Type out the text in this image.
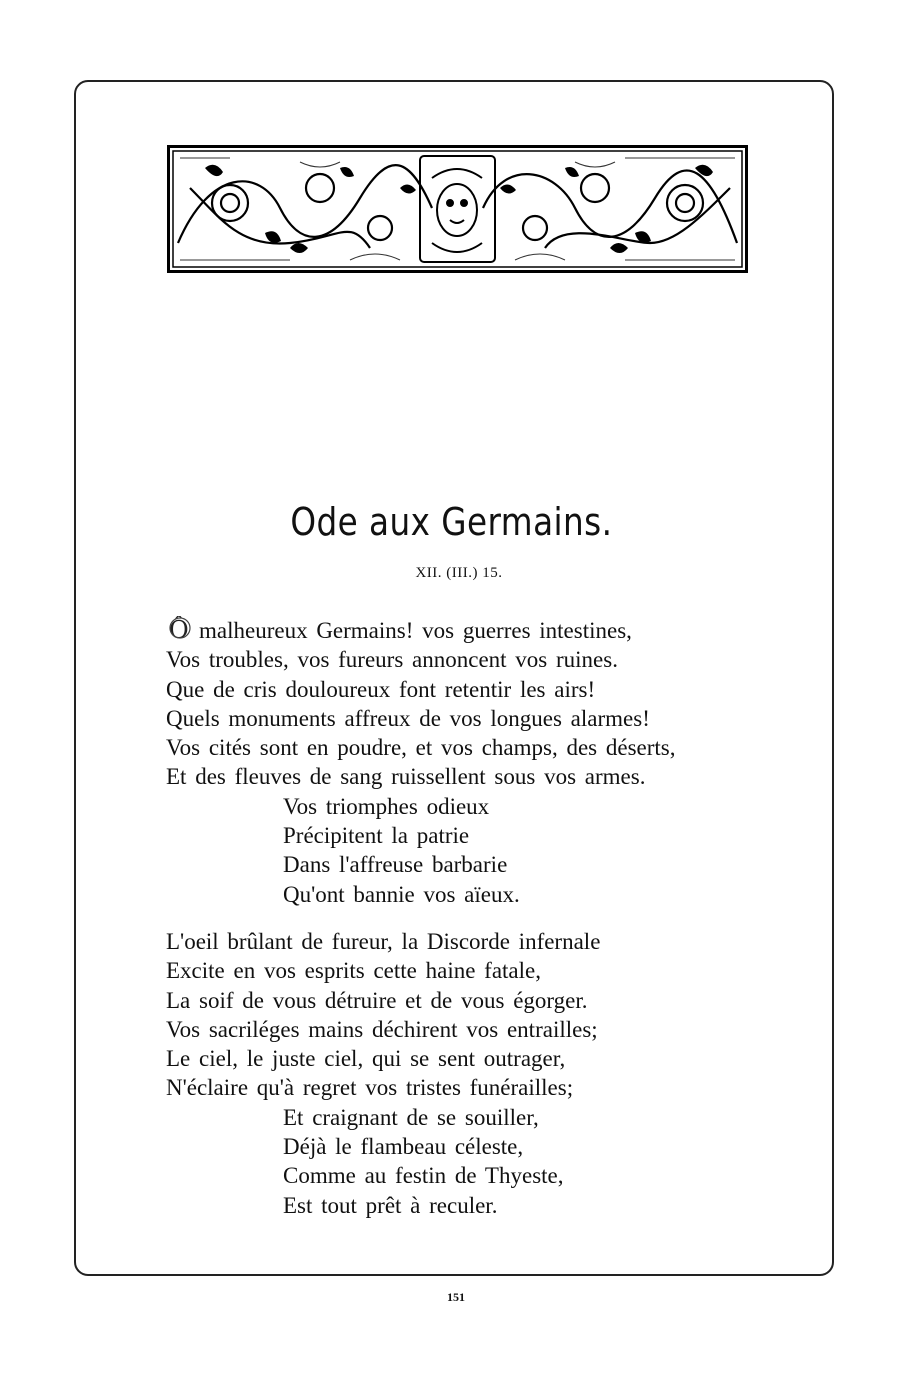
Ode aux Germains.
XII. (III.) 15.
Ô malheureux Germains! vos guerres intestines,
Vos troubles, vos fureurs annoncent vos ruines.
Que de cris douloureux font retentir les airs!
Quels monuments affreux de vos longues alarmes!
Vos cités sont en poudre, et vos champs, des déserts,
Et des fleuves de sang ruissellent sous vos armes.
Vos triomphes odieux
Précipitent la patrie
Dans l'affreuse barbarie
Qu'ont bannie vos aïeux.
L'oeil brûlant de fureur, la Discorde infernale
Excite en vos esprits cette haine fatale,
La soif de vous détruire et de vous égorger.
Vos sacriléges mains déchirent vos entrailles;
Le ciel, le juste ciel, qui se sent outrager,
N'éclaire qu'à regret vos tristes funérailles;
Et craignant de se souiller,
Déjà le flambeau céleste,
Comme au festin de Thyeste,
Est tout prêt à reculer.
151
